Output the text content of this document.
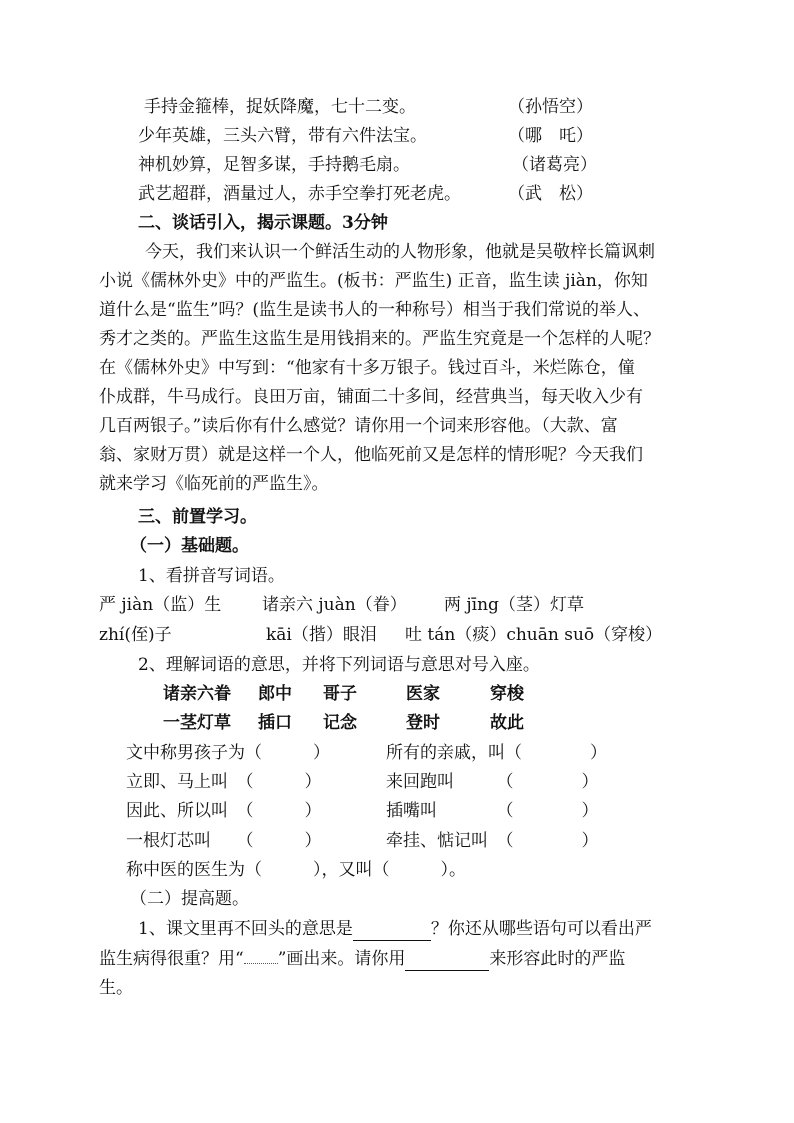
手持金箍棒，捉妖降魔，七十二变。	（孙悟空）
少年英雄，三头六臂，带有六件法宝。	（哪　吒）
神机妙算，足智多谋，手持鹅毛扇。	（诸葛亮）
武艺超群，酒量过人，赤手空拳打死老虎。	（武　松）
二、谈话引入，揭示课题。3分钟
今天，我们来认识一个鲜活生动的人物形象，他就是吴敬梓长篇讽刺
小说《儒林外史》中的严监生。(板书：严监生) 正音，监生读 jiàn，你知
道什么是“监生”吗？(监生是读书人的一种称号）相当于我们常说的举人、
秀才之类的。严监生这监生是用钱捐来的。严监生究竟是一个怎样的人呢？
在《儒林外史》中写到：“他家有十多万银子。钱过百斗，米烂陈仓，僮
仆成群，牛马成行。良田万亩，铺面二十多间，经营典当，每天收入少有
几百两银子。”读后你有什么感觉？请你用一个词来形容他。（大款、富
翁、家财万贯）就是这样一个人，他临死前又是怎样的情形呢？今天我们
就来学习《临死前的严监生》。
三、前置学习。
（一）基础题。
1、看拼音写词语。
严 jiàn（监）生 诸亲六 juàn（眷） 两 jīng（茎）灯草
zhí(侄)子	kāi（揩）眼泪 吐 tán（痰）chuān suō（穿梭）
2、理解词语的意思，并将下列词语与意思对号入座。
诸亲六眷 郎中 哥子	医家	穿梭
一茎灯草 插口 记念	登时	故此
文中称男孩子为（　　　）	所有的亲戚，叫（　　　　）
立即、马上叫　（　　　）	来回跑叫　　　（　　　　）
因此、所以叫　（　　　）	插嘴叫　　　　（　　　　）
一根灯芯叫　　（　　　）	牵挂、惦记叫　（　　　　）
称中医的医生为（　　　），又叫（　　　）。
（二）提高题。
1、课文里再不回头的意思是	？你还从哪些语句可以看出严
监生病得很重？用“ ”画出来。请你用	来形容此时的严监
生。
